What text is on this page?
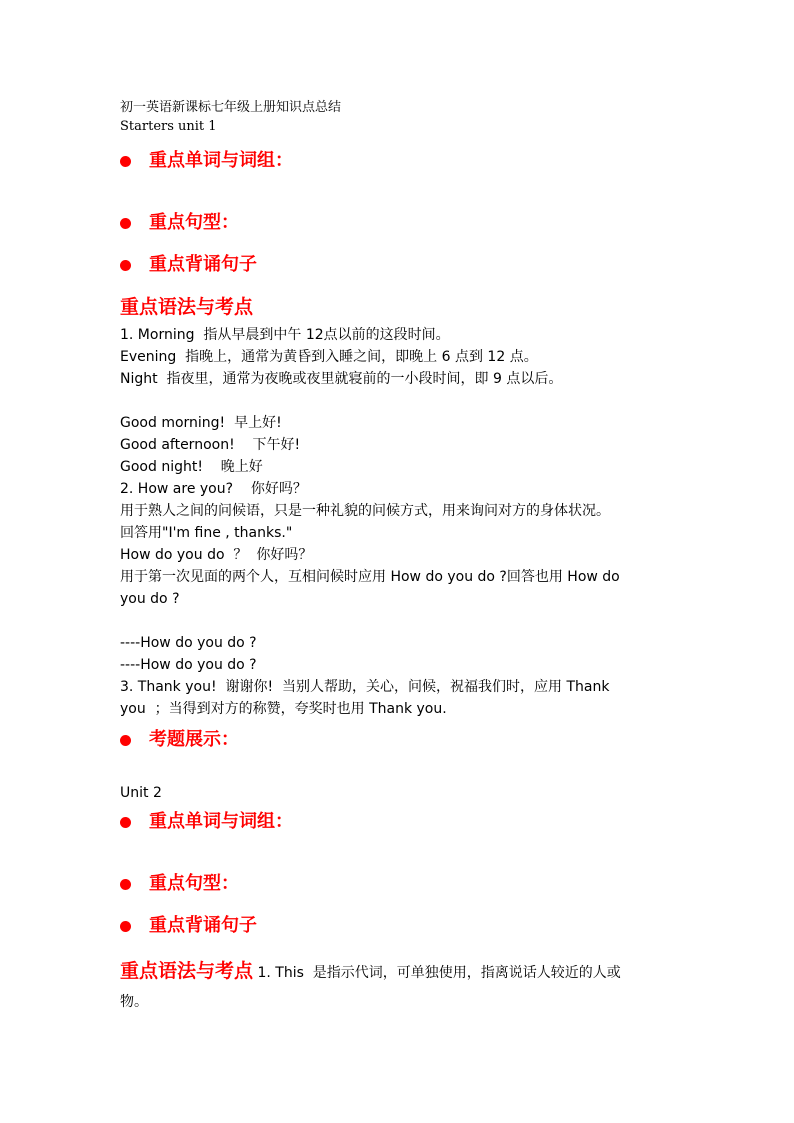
初一英语新课标七年级上册知识点总结

Starters unit 1

重点单词与词组：

重点句型：

重点背诵句子

重点语法与考点

1. Morning  指从早晨到中午 12点以前的这段时间。

Evening  指晚上，通常为黄昏到入睡之间，即晚上 6 点到 12 点。

Night  指夜里，通常为夜晚或夜里就寝前的一小段时间，即 9 点以后。

Good morning!  早上好!

Good afternoon!    下午好!

Good night!    晚上好

2. How are you?    你好吗？

用于熟人之间的问候语，只是一种礼貌的问候方式，用来询问对方的身体状况。

回答用"I'm fine , thanks."

How do you do  ？  你好吗？

用于第一次见面的两个人，互相问候时应用 How do you do ?回答也用 How do

you do ?

----How do you do ?

----How do you do ?

3. Thank you!  谢谢你!  当别人帮助，关心，问候，祝福我们时，应用 Thank

you  ；当得到对方的称赞，夸奖时也用 Thank you.

考题展示：

Unit 2

重点单词与词组：

重点句型：

重点背诵句子

重点语法与考点 1. This  是指示代词，可单独使用，指离说话人较近的人或

物。
